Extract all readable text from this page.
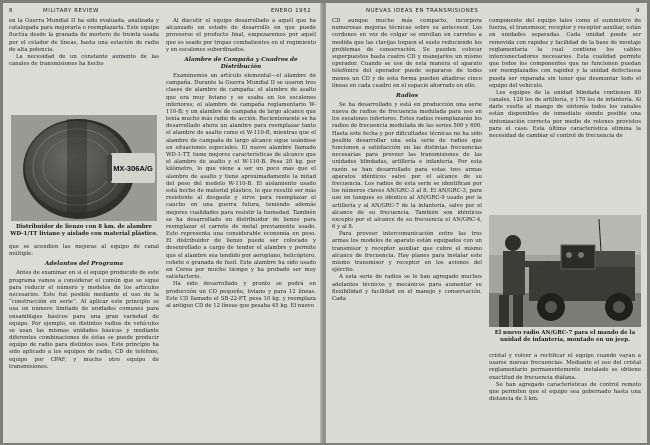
8	MILITARY REVIEW	ENERO 1952

en la Guerra Mundial II ha sido evaluada, analizada y catalogada para mejorarla o reemplazarla. Este equipo fluctúa desde la granada de mortero de treinta usada por el celador de líneas, hasta una estación de radio de alta potencia.

La necesidad de un constante aumento de las canales de transmisiones ha hecho

MX-306A/G
Distribuidor de lienzo con 8 km. de alambre WD-1/TT liviano y aislado con material plástico.

que se acendien las mejoras al equipo de canal múltiple.

Adelantos del Programa

Antes de examinar en si el equipo producido de este programa vamos a considerar el común que se sigue para reducir el número y modelos de los artículos necesarios. Este fué posible mediante el uso de la “construcción en serie”. Al aplicar este principio se usa un número limitado de unidades comunes para ensamblajes básicos para una gran variedad de equipo. Por ejemplo, en distintos radios de vehículos se usan las mismas unidades básicas y mediante diferentes combinaciones de éstas se puede producir equipo de radio para distintos usos. Este principio ha sido aplicado a los equipos de radio, CD de teléfono, equipo por CPAF, y mucho otro equipo de transmisiones.

Al discutir el equipo desarrollado a aquél que ha alcanzado un estado de desarrollo en que puede proveerse el producto final, empezaremos por aquél que es usado por tropas combatientes en el regimiento y en escalones subordinados.

Alambre de Campaña y Cuadros de Distribución

Examinemos un artículo elemental—el alambre de campaña. Durante la Guerra Mundial II se usaron tres clases de alambre de campaña: el alambre de asalto que era muy liviano y se usaba en los escalones inferiores; el alambre de campaña reglamentario W-110-B; y un alambre de campaña de largo alcance que tenía mucho más radio de acción. Recientemente se ha desarrollado ahora un alambre para reemplazar tanto el alambre de asalto como el W-110-B, mientras que el alambre de campaña de largo alcance sigue usándose en situaciones especiales. El nuevo alambre llamado WD-1-TT, tiene mejores características de alcance que el alambre de asalto y el W-110-B. Pesa 20 kg. por kilómetro, lo que viene a ser un poco más que el alambre de asalto y tiene aproximadamente la mitad del peso del modelo W-110-B. El aislamiento usado está hecho de material plástico, lo que resultó ser más resistente al desgaste y sirve para reemplazar el caucho en una guerra futura, teniendo además mejores cualidades para resistir la humedad. También se ha desarrollado un distribuidor de lienzo para reemplazar el carrete de metal previamente usado. Esto representa una considerable economía en peso. El distribuidor de lienzo puede ser colocado y desenrollado a cargo de tender el alambre y permite que el alambre sea tendido por aeroplano, helicóptero, cohete o granada de fusil. Este alambre ha sido usado en Corea por mucho tiempo y ha probado ser muy satisfactorio.

Ha sido desarrollado y pronto se podrá en producción un CD pequeño, liviano y para 12 líneas. Este CD llamado el SB-22-PT, pesa 10 kg. y reemplaza al antiguo CD de 12 líneas que pesaba 45 kg. El nuevo

NUEVAS IDEAS EN TRANSMISIONES	9

CD aunque mucho más compacto, incorpora numerosas mejoras técnicas sobre su antecesor. Los cordones en vez de colgar se enrollan en carretes a medida que las clavijas toquen el suelo reduciendo los problemas de conservación. Se pueden colocar superpuestos hasta cuatro CD y manejarlos un mismo operador. Cuando se use de esta manera el aparato telefónico del operador puede separarse de todos menos un CD y de esta forma pueden añadirse cinco líneas en cada cuadro en el espacio ahorrado en ello.

Radios

Se ha desarrollado y está en producción una serie nueva de radios de frecuencia modulada para uso en los escalones inferiores. Estos radios reemplazarán los radios de frecuencia modulada de las series 500 y 600. Hasta este fecha y por dificultades técnicas no ha sido posible desarrollar una sola serie de radios que funcionen a satisfacción en las distintas frecuencias necesarias para proveer las transmisiones de las unidades blindadas, artillería e infantería. Por esta razón se han desarrollado para estas tres armas aparatos idénticos salvo por el alcance de su frecuencia. Los radios de esta serie se identifican por los números claves AN/GRC-3 al 8. El AN/GRC-3, para uso en tanques es idéntico al AN/GRC-9 usado por la artillería y al AN/GRC-7 de la infantería, salvo por el alcance de su frecuencia. También son idénticos excepto por el alcance de su frecuencia el AN/GRC-4, 6 y al 8.

Para proveer intercomunicación entre las tres armas los modelos de aparato están equipados con un transmisor y receptor auxiliar que cubre el mismo alcance de frecuencia. Hay planes para instalar este mismo transmisor y receptor en los aviones del ejército.

A esta serie de radios se le han agregado muchos adelantos técnicos y mecánicos para aumentar su flexibilidad y facilidad en el manejo y conservación. Cada

componente del equipo tales como el suministro de fuerza, el transmisor, receptor y receptor auxiliar, están en unidades separadas. Cada unidad puede ser removida con rapidez y facilidad de la base de montaje reglamentaria la cual contiene los cables interconectadores necesarios. Esta cualidad permite que todos los componentes que no funcionen puedan ser reemplazados con rapidez y la unidad defectuosa pueda ser reparada sin tener que desmontar todo el equipo del vehículo.

Los equipos de la unidad blindada contienen 80 canales, 120 los de artillería, y 170 los de infantería. Al darle vuelta al mango de sintonía todos los canales están disponibles de inmediato siendo posible una sintonización correcta por medio de retenes provistos para el caso. Esta última característica elimina la necesidad de cambiar el control de frecuencia de

El nuevo radio AN/GRC-7 para el mando de la unidad de infantería, montado en un jeep.

cristal y volver a rectificar el equipo cuando vayan a usarse nuevas frecuencias. Mediante el uso del cristal reglamentario permanentemente instalado se obtiene exactitud de frecuencia diáfana.

Se han agregado características de control remoto que permiten que el equipo sea gobernado hasta una distancia de 3 km.
